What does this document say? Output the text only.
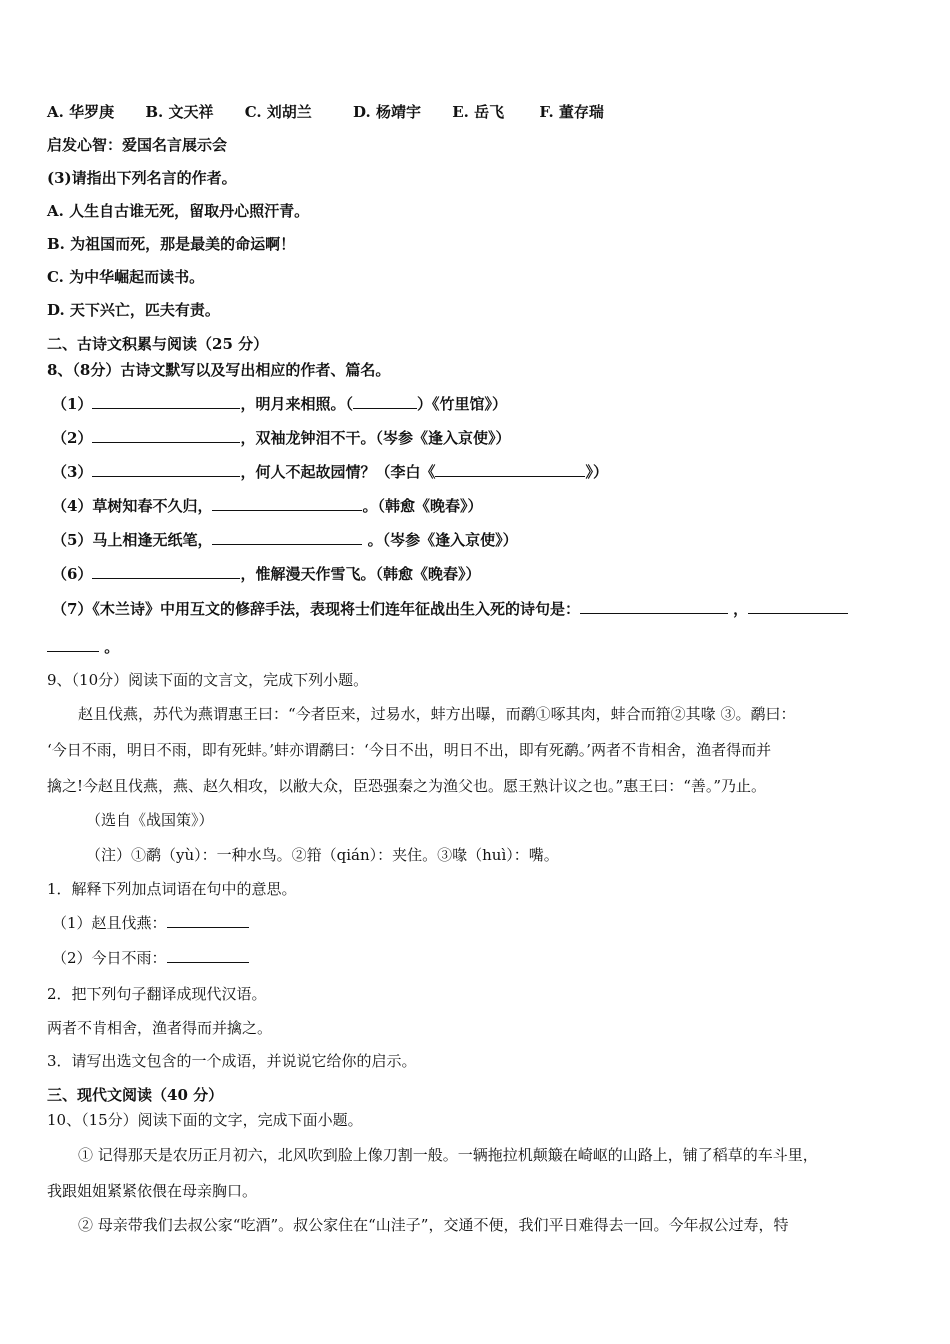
A. 华罗庚 B. 文天祥 C. 刘胡兰	D. 杨靖宇 E. 岳飞 F. 董存瑞
启发心智：爱国名言展示会
(3)请指出下列名言的作者。
A. 人生自古谁无死，留取丹心照汗青。
B. 为祖国而死，那是最美的命运啊！
C. 为中华崛起而读书。
D. 天下兴亡，匹夫有责。
二、古诗文积累与阅读（25 分）
8、（8分）古诗文默写以及写出相应的作者、篇名。
（1）	，明月来相照。（	）《竹里馆》）
（2）	，双袖龙钟泪不干。（岑参《逢入京使》）
（3）	，何人不起故园情？（李白《	》）
（4）草树知春不久归，	。（韩愈《晚春》）
（5）马上相逢无纸笔，	。（岑参《逢入京使》）
（6）	，惟解漫天作雪飞。（韩愈《晚春》）
（7）《木兰诗》中用互文的修辞手法，表现将士们连年征战出生入死的诗句是：	，
。
9、（10分）阅读下面的文言文，完成下列小题。
赵且伐燕，苏代为燕谓惠王曰：“今者臣来，过易水，蚌方出曝，而鹬①啄其肉，蚌合而箝②其喙 ③。鹬曰：
‘今日不雨，明日不雨，即有死蚌。’蚌亦谓鹬曰：‘今日不出，明日不出，即有死鹬。’两者不肯相舍，渔者得而并
擒之!今赵且伐燕，燕、赵久相攻，以敝大众，臣恐强秦之为渔父也。愿王熟计议之也。”惠王曰：“善。”乃止。
（选自《战国策》）
（注）①鹬（yù）：一种水鸟。②箝（qián）：夹住。③喙（huì）：嘴。
1．解释下列加点词语在句中的意思。
（1）赵且伐燕：
（2）今日不雨：
2．把下列句子翻译成现代汉语。
两者不肯相舍，渔者得而并擒之。
3．请写出选文包含的一个成语，并说说它给你的启示。
三、现代文阅读（40 分）
10、（15分）阅读下面的文字，完成下面小题。
① 记得那天是农历正月初六，北风吹到脸上像刀割一般。一辆拖拉机颠簸在崎岖的山路上，铺了稻草的车斗里，
我跟姐姐紧紧依偎在母亲胸口。
② 母亲带我们去叔公家“吃酒”。叔公家住在“山洼子”，交通不便，我们平日难得去一回。今年叔公过寿，特
